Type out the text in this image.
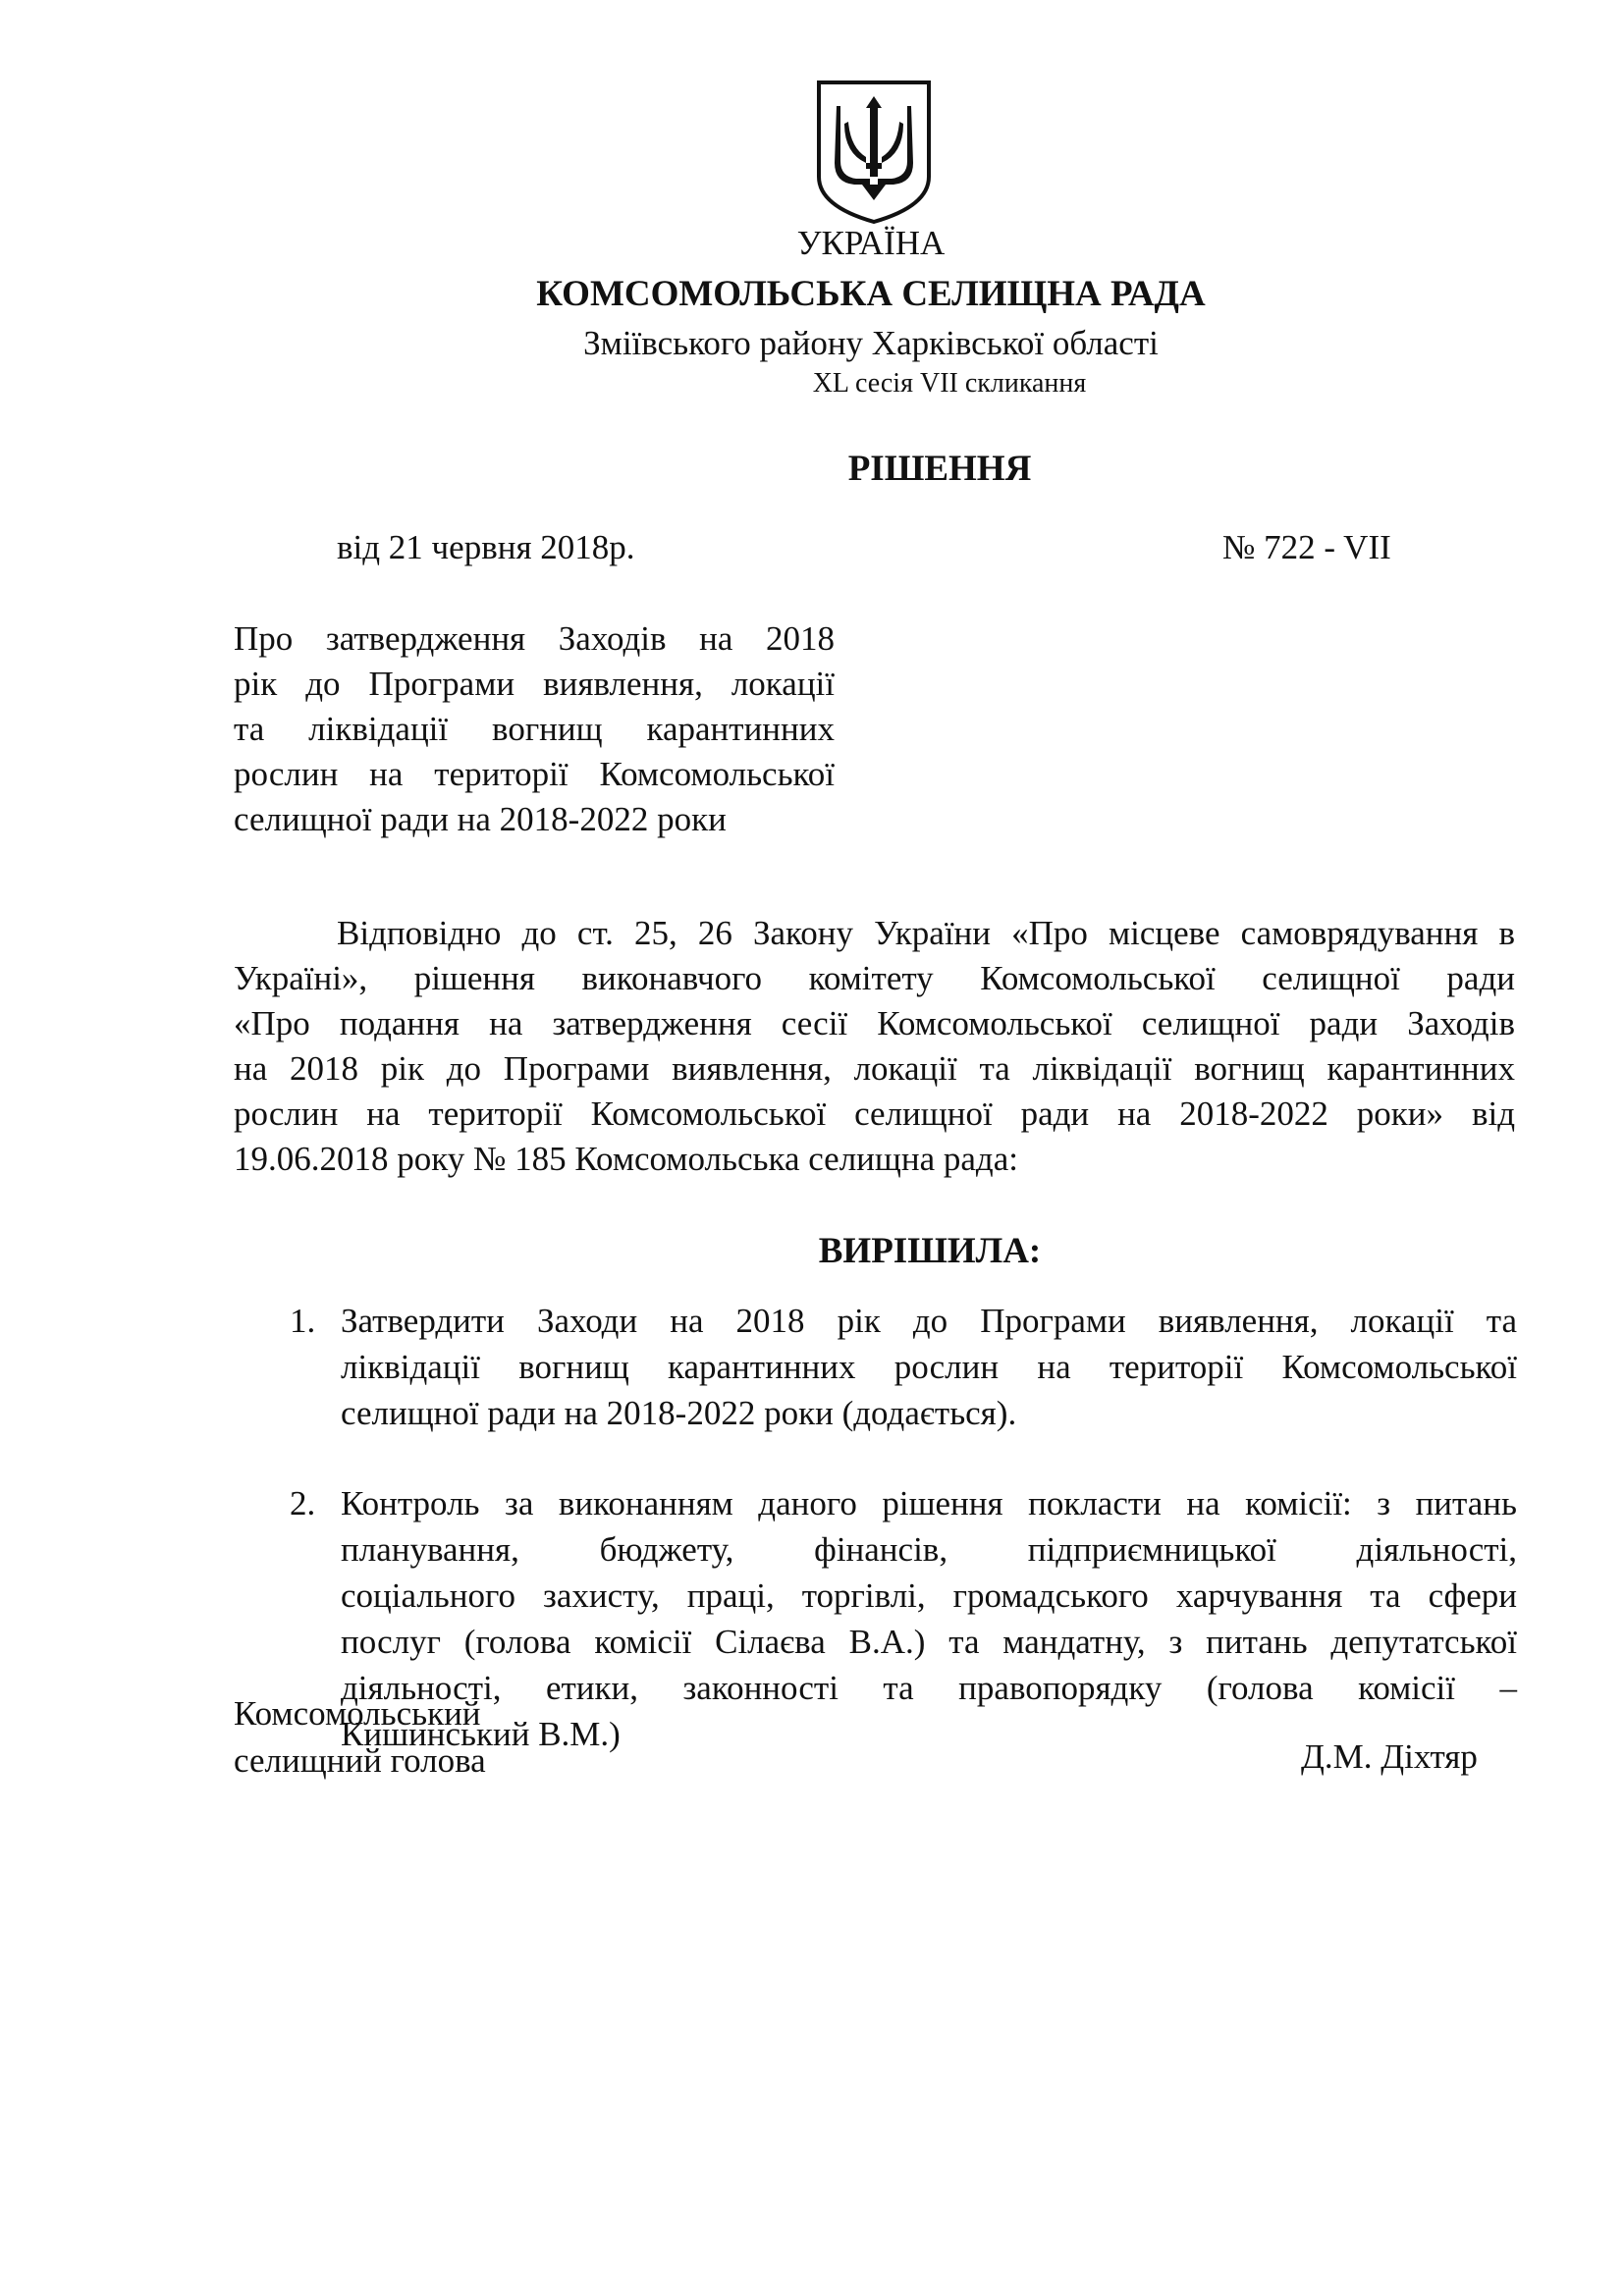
УКРАЇНА
КОМСОМОЛЬСЬКА СЕЛИЩНА РАДА
Зміївського району Харківської області
XL сесія VII скликання
РІШЕННЯ
від 21 червня 2018р.	№ 722 - VII
Про затвердження Заходів на 2018
рік до Програми виявлення, локації
та ліквідації вогнищ карантинних
рослин на території Комсомольської
селищної ради на 2018-2022 роки
Відповідно до ст. 25, 26 Закону України «Про місцеве самоврядування в
Україні», рішення виконавчого комітету Комсомольської селищної ради
«Про подання на затвердження сесії Комсомольської селищної ради Заходів
на 2018 рік до Програми виявлення, локації та ліквідації вогнищ карантинних
рослин на території Комсомольської селищної ради на 2018-2022 роки» від
19.06.2018 року № 185 Комсомольська селищна рада:
ВИРІШИЛА:
1. Затвердити Заходи на 2018 рік до Програми виявлення, локації та
ліквідації вогнищ карантинних рослин на території Комсомольської
селищної ради на 2018-2022 роки (додається).
2. Контроль за виконанням даного рішення покласти на комісії: з питань
планування, бюджету, фінансів, підприємницької діяльності,
соціального захисту, праці, торгівлі, громадського харчування та сфери
послуг (голова комісії Сілаєва В.А.) та мандатну, з питань депутатської
діяльності, етики, законності та правопорядку (голова комісії –
Кишинський В.М.)
Комсомольський
селищний голова	Д.М. Діхтяр
